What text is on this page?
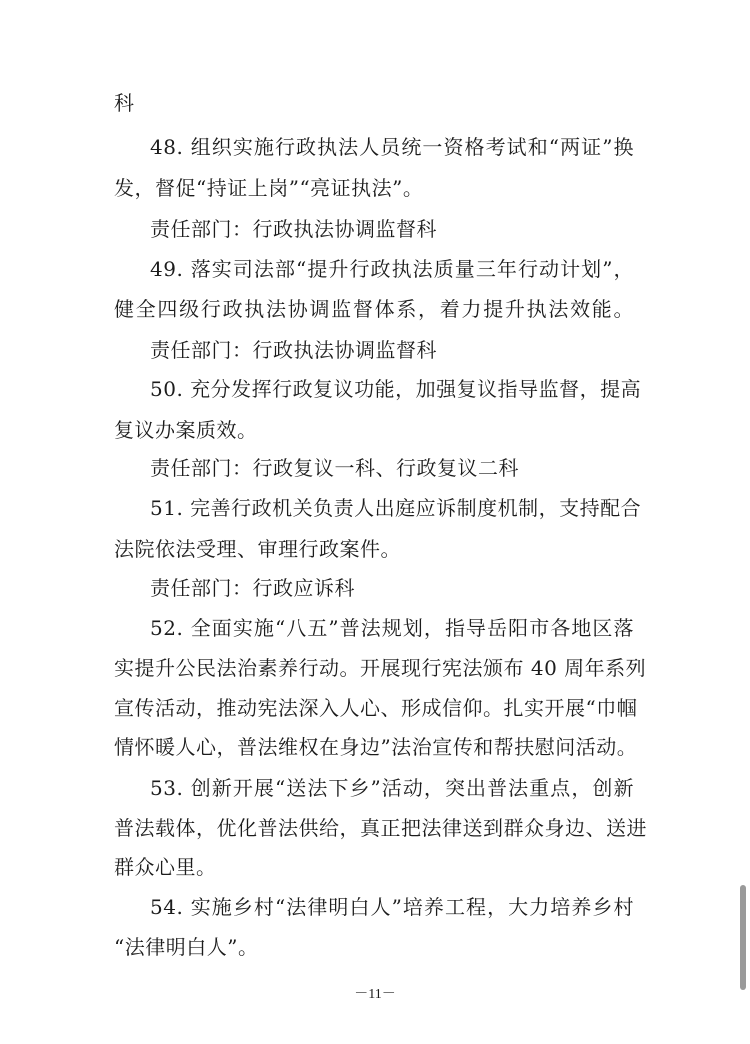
科
48. 组织实施行政执法人员统一资格考试和“两证”换
发，督促“持证上岗”“亮证执法”。
责任部门：行政执法协调监督科
49. 落实司法部“提升行政执法质量三年行动计划”，
健全四级行政执法协调监督体系，着力提升执法效能。
责任部门：行政执法协调监督科
50. 充分发挥行政复议功能，加强复议指导监督，提高
复议办案质效。
责任部门：行政复议一科、行政复议二科
51. 完善行政机关负责人出庭应诉制度机制，支持配合
法院依法受理、审理行政案件。
责任部门：行政应诉科
52. 全面实施“八五”普法规划，指导岳阳市各地区落
实提升公民法治素养行动。开展现行宪法颁布 40 周年系列
宣传活动，推动宪法深入人心、形成信仰。扎实开展“巾帼
情怀暖人心，普法维权在身边”法治宣传和帮扶慰问活动。
53. 创新开展“送法下乡”活动，突出普法重点，创新
普法载体，优化普法供给，真正把法律送到群众身边、送进
群众心里。
54. 实施乡村“法律明白人”培养工程，大力培养乡村
“法律明白人”。
－11－
